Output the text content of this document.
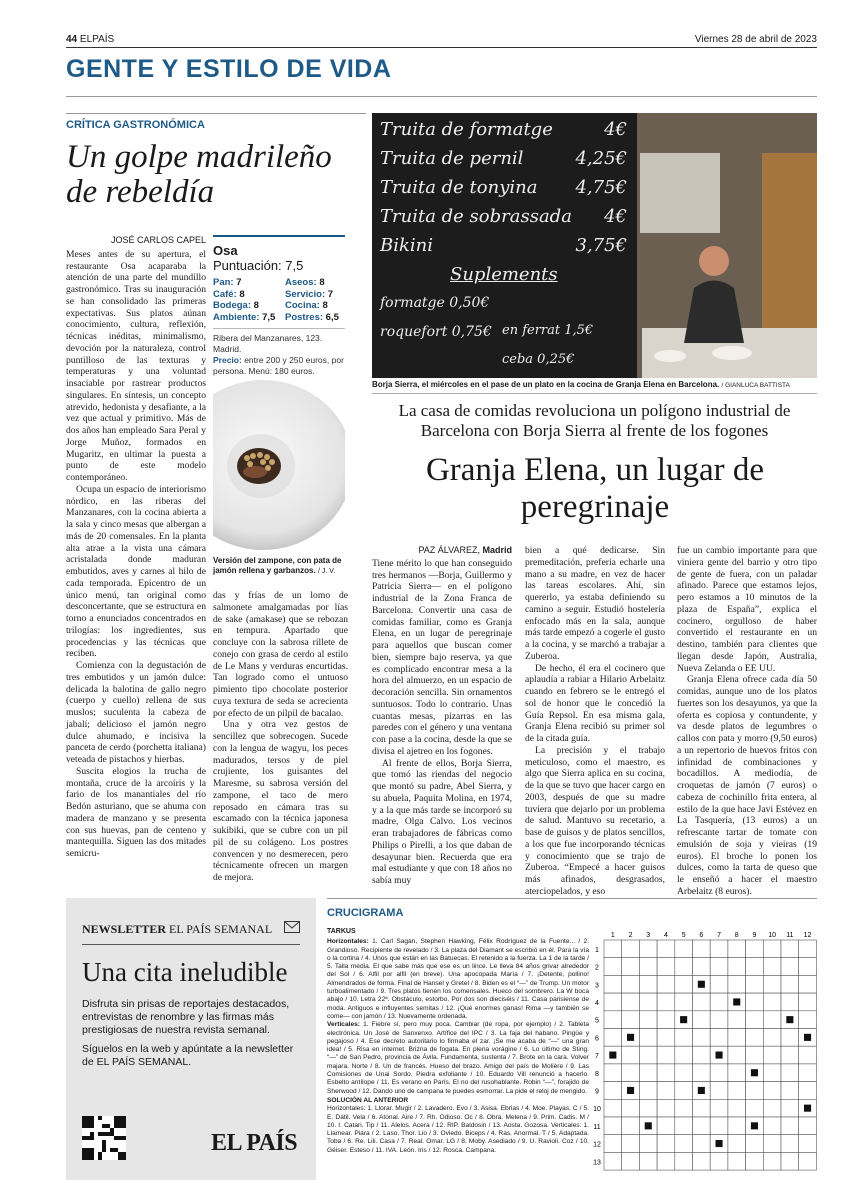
44 ELPAÍS	Viernes 28 de abril de 2023
GENTE Y ESTILO DE VIDA
CRÍTICA GASTRONÓMICA
Un golpe madrileño de rebeldía
JOSÉ CARLOS CAPEL

Meses antes de su apertura, el restaurante Osa acaparaba la atención de una parte del mundillo gastronómico. Tras su inauguración se han consolidado las primeras expectativas. Sus platos aúnan conocimiento, cultura, reflexión, técnicas inéditas, minimalismo, devoción por la naturaleza, control puntilloso de las texturas y temperaturas y una voluntad insaciable por rastrear productos singulares. En síntesis, un concepto atrevido, hedonista y desafiante, a la vez que actual y primitivo. Más de dos años han empleado Sara Peral y Jorge Muñoz, formados en Mugaritz, en ultimar la puesta a punto de este modelo contemporáneo.

Ocupa un espacio de interiorismo nórdico, en las riberas del Manzanares, con la cocina abierta a la sala y cinco mesas que albergan a más de 20 comensales. En la planta alta atrae a la vista una cámara acristalada donde maduran embutidos, aves y carnes al hilo de cada temporada. Epicentro de un único menú, tan original como desconcertante, que se estructura en torno a enunciados concentrados en trilogías: los ingredientes, sus procedencias y las técnicas que reciben.

Comienza con la degustación de tres embutidos y un jamón dulce: delicada la balotina de gallo negro (cuerpo y cuello) rellena de sus muslos; suculenta la cabeza de jabalí; delicioso el jamón negro dulce ahumado, e incisiva la panceta de cerdo (porchetta italiana) veteada de pistachos y hierbas.

Suscita elogios la trucha de montaña, cruce de la arcoíris y la fario de los manantiales del río Bedón asturiano, que se ahuma con madera de manzano y se presenta con sus huevas, pan de centeno y mantequilla. Siguen las dos mitades semicru-

Osa
Puntuación: 7,5
Pan: 7
Café: 8
Bodega: 8
Ambiente: 7,5
Aseos: 8
Servicio: 7
Cocina: 8
Postres: 6,5
Ribera del Manzanares, 123. Madrid.
Precio: entre 200 y 250 euros, por persona. Menú: 180 euros.
Versión del zampone, con pata de jamón rellena y garbanzos. / J. V.

das y frías de un lomo de salmonete amalgamadas por lías de sake (amakase) que se rebozan en tempura. Apartado que concluye con la sabrosa rillete de conejo con grasa de cerdo al estilo de Le Mans y verduras encurtidas. Tan logrado como el untuoso pimiento tipo chocolate posterior cuya textura de seda se acrecienta por efecto de un pilpil de bacalao.

Una y otra vez gestos de sencillez que sobrecogen. Sucede con la lengua de wagyu, los peces madurados, tersos y de piel crujiente, los guisantes del Maresme, su sabrosa versión del zampone, el taco de mero reposado en cámara tras su escamado con la técnica japonesa sukibiki, que se cubre con un pil pil de su colágeno. Los postres convencen y no desmerecen, pero técnicamente ofrecen un margen de mejora.

Truita de formatge
Truita de pernil
Truita de tonyina
Truita de sobrassada
Bikini
Suplements
formatge 0,50€
roquefort 0,75€
4€
4,25€
4,75€
4€
3,75€
en ferrat 1,5€
ceba 0,25€
Borja Sierra, el miércoles en el pase de un plato en la cocina de Granja Elena en Barcelona. / GIANLUCA BATTISTA
La casa de comidas revoluciona un polígono industrial de Barcelona con Borja Sierra al frente de los fogones
Granja Elena, un lugar de peregrinaje
PAZ ÁLVAREZ, Madrid

Tiene mérito lo que han conseguido tres hermanos —Borja, Guillermo y Patricia Sierra— en el polígono industrial de la Zona Franca de Barcelona. Convertir una casa de comidas familiar, como es Granja Elena, en un lugar de peregrinaje para aquellos que buscan comer bien, siempre bajo reserva, ya que es complicado encontrar mesa a la hora del almuerzo, en un espacio de decoración sencilla. Sin ornamentos suntuosos. Todo lo contrario. Unas cuantas mesas, pizarras en las paredes con el género y una ventana con pase a la cocina, desde la que se divisa el ajetreo en los fogones.

Al frente de ellos, Borja Sierra, que tomó las riendas del negocio que montó su padre, Abel Sierra, y su abuela, Paquita Molina, en 1974, y a la que más tarde se incorporó su madre, Olga Calvo. Los vecinos eran trabajadores de fábricas como Philips o Pirelli, a los que daban de desayunar bien. Recuerda que era mal estudiante y que con 18 años no sabía muy

bien a qué dedicarse. Sin premeditación, prefería echarle una mano a su madre, en vez de hacer las tareas escolares. Ahí, sin quererlo, ya estaba definiendo su camino a seguir. Estudió hostelería enfocado más en la sala, aunque más tarde empezó a cogerle el gusto a la cocina, y se marchó a trabajar a Zuberoa.

De hecho, él era el cocinero que aplaudía a rabiar a Hilario Arbelaitz cuando en febrero se le entregó el sol de honor que le concedió la Guía Repsol. En esa misma gala, Granja Elena recibió su primer sol de la citada guía.

La precisión y el trabajo meticuloso, como el maestro, es algo que Sierra aplica en su cocina, de la que se tuvo que hacer cargo en 2003, después de que su madre tuviera que dejarlo por un problema de salud. Mantuvo su recetario, a base de guisos y de platos sencillos, a los que fue incorporando técnicas y conocimiento que se trajo de Zuberoa. “Empecé a hacer guisos más afinados, desgrasados, aterciopelados, y eso

fue un cambio importante para que viniera gente del barrio y otro tipo de gente de fuera, con un paladar afinado. Parece que estamos lejos, pero estamos a 10 minutos de la plaza de España”, explica el cocinero, orgulloso de haber convertido el restaurante en un destino, también para clientes que llegan desde Japón, Australia, Nueva Zelanda o EE UU.

Granja Elena ofrece cada día 50 comidas, aunque uno de los platos fuertes son los desayunos, ya que la oferta es copiosa y contundente, y va desde platos de legumbres o callos con pata y morro (9,50 euros) a un repertorio de huevos fritos con infinidad de combinaciones y bocadillos. A mediodía, de croquetas de jamón (7 euros) o cabeza de cochinillo frita entera, al estilo de la que hace Javi Estévez en La Tasquería, (13 euros) a un refrescante tartar de tomate con emulsión de soja y vieiras (19 euros). El broche lo ponen los dulces, como la tarta de queso que le enseñó a hacer el maestro Arbelaitz (8 euros).

NEWSLETTER EL PAÍS SEMANAL
Una cita ineludible
Disfruta sin prisas de reportajes destacados, entrevistas de renombre y las firmas más prestigiosas de nuestra revista semanal.
Síguelos en la web y apúntate a la newsletter de EL PAÍS SEMANAL.
EL PAÍS
CRUCIGRAMA
TARKUS
Horizontales: 1. Carl Sagan, Stephen Hawking, Félix Rodríguez de la Fuente... / 2. Grandioso. Recipiente de revelado / 3. La plaza del Diamant se escribió en él. Para la vía o la cortina / 4. Unos que están en las Batuecas. El retenido a la fuerza. La 1 de la tarde / 5. Talla media. El que sabe más que ese es un lince. Le lleva 84 años grivar alrededor del Sol / 6. Alfil por alfil (en breve). Una apocopada María / 7. ¡Detente, pollino! Almendrados de forma. Final de Hansel y Gretel / 8. Biden es el “—” de Trump. Un motor turboalimentado / 9. Tres platos tienen los comensales. Hueco del sombrero. La W boca abajo / 10. Letra 22ª. Obstáculo, estorbo. Por dos son dieciséis / 11. Casa parisiense de moda. Antiguos e influyentes semitas / 12. ¡Qué enormes ganas! Rima —y también se come— con jamón / 13. Nuevamente ordenada.
Verticales: 1. Fiebre sí, pero muy poca. Cambiar (de ropa, por ejemplo) / 2. Tableta electrónica. Un José de Sanxenxo. Artífice del IPC / 3. La faja del habano. Pingüe y pegajoso / 4. Ese decreto autoritario lo firmaba el zar. ¡Se me acaba de “—” una gran idea! / 5. Risa en internet. Brizna de fogata. En plena vorágine / 6. Lo último de Sting. “—” de San Pedro, provincia de Ávila. Fundamenta, sustenta / 7. Brote en la cara. Volver majara. Norte / 8. Un de francés. Hueso del brazo. Amigo del país de Molière / 9. Las Comisiones de Unai Sordo. Piedra exfoliante / 10. Eduardo Vill renunció a hacerlo. Esbelto antílope / 11. Es verano en París. El no del rusohablante. Robin “—”, forajido de Sherwood / 12. Dando uno de campana te puedes esmorrar. La pide el reloj de mengido.
SOLUCIÓN AL ANTERIOR
Horizontales: 1. Llorar. Mugir / 2. Lavadero. Evo / 3. Asisa. Ebrias / 4. Moe. Playas. C / 5. E. Dátil. Vela / 6. Atonal. Aire / 7. Rh. Odioso. Oc / 8. Obra. Melena / 9. Prim. Cadis. M / 10. I. Catari. Tip / 11. Alelos. Acera / 12. RIP. Baldosin / 13. Aosta. Gozosa. Verticales: 1. Llamear. Piara / 2. Laso. Thor. Lio / 3. Oviedo. Biceps / 4. Ras. Anormal. T / 5. Adaptada. Toba / 6. Re. Lili. Casa / 7. Real. Omar. LG / 8. Moby. Asediado / 9. U. Ravioli. Coz / 10. Géiser. Esteso / 11. IVA. León. Iris / 12. Rosca. Campana.
1 2 3 4 5 6 7 8 9 10 11 12
1
2
3
4
5
6
7
8
9
10
11
12
13
